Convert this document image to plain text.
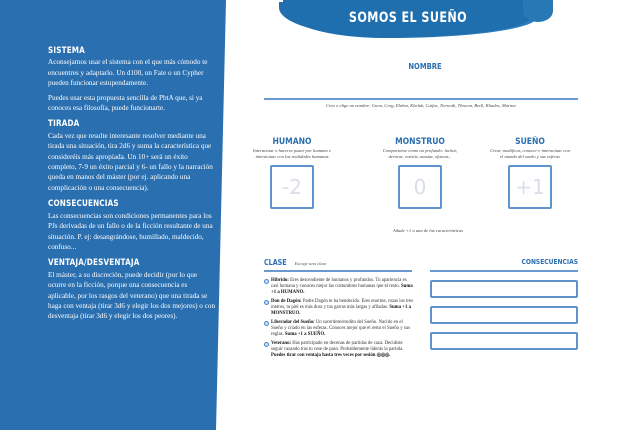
SISTEMA

Aconsejamos usar el sistema con el que más cómodo te encuentres y adaptarlo. Un d100, un Fate o un Cypher pueden funcionar estupendamente.

Puedes usar esta propuesta sencilla de PbtA que, si ya conoces esa filosofía, puede funcionarte.

TIRADA

Cada vez que resulte interesante resolver mediante una tirada una situación, tira 2d6 y suma la característica que consideréis más apropiada. Un 10+ será un éxito completo, 7-9 un éxito parcial y 6- un fallo y la narración queda en manos del máster (por ej. aplicando una complicación o una consecuencia).

CONSECUENCIAS

Las consecuencias son condiciones permanentes para los PJs derivadas de un fallo o de la ficción resultante de una situación. P. ej: desangrándose, humillado, maldecido, confuso...

VENTAJA/DESVENTAJA

El máster, a su discreción, puede decidir (por lo que ocurre en la ficción, porque una consecuencia es aplicable, por los rasgos del veterano) que una tirada se haga con ventaja (tirar 3d6 y elegir los dos mejores) o con desventaja (tirar 3d6 y elegir los dos peores).

SOMOS EL SUEÑO
NOMBRE
Crea o elige un nombre: Gnon, Corg, Elahm, Khelak, Caifas, Tiernoth, Thracm, Brell, Khudra, Marnor
HUMANO
Interactuar o hacerse pasar por humano e interactuar con las realidades humanas
-2
MONSTRUO
Comportarse como un profundo: luchar, devorar, resistir, asustar, ofuscar...
0
SUEÑO
Crear, modificar, conocer e interactuar con el mundo del sueño y sus esferas
+1
Añade +1 a una de las características
CLASE Escoge una clase
Híbrido: Eres descendiente de humanos y profundos. Tu apariencia es casi humana y conoces mejor las costumbres humanas que el resto. Suma +1 a HUMANO.
Don de Dagón: Padre Dagón te ha bendecido. Eres enorme, rozas los tres metros, tu piel es más dura y tus garras más largas y afiladas. Suma +1 a MONSTRUO.
Liberador del Sueño: Un sacerdote/erudito del Sueño. Nacido en el Sueño y criado en las esferas. Conoces mejor que el resto el Sueño y sus reglas. Suma +1 a SUEÑO.
Veterano: Has participado en decenas de partidas de caza. Decidiste seguir cazando tras tu cese de paso. Probablemente liderás la partida. Puedes tirar con ventaja hasta tres veces por sesión ◎◎◎.
CONSECUENCIAS
